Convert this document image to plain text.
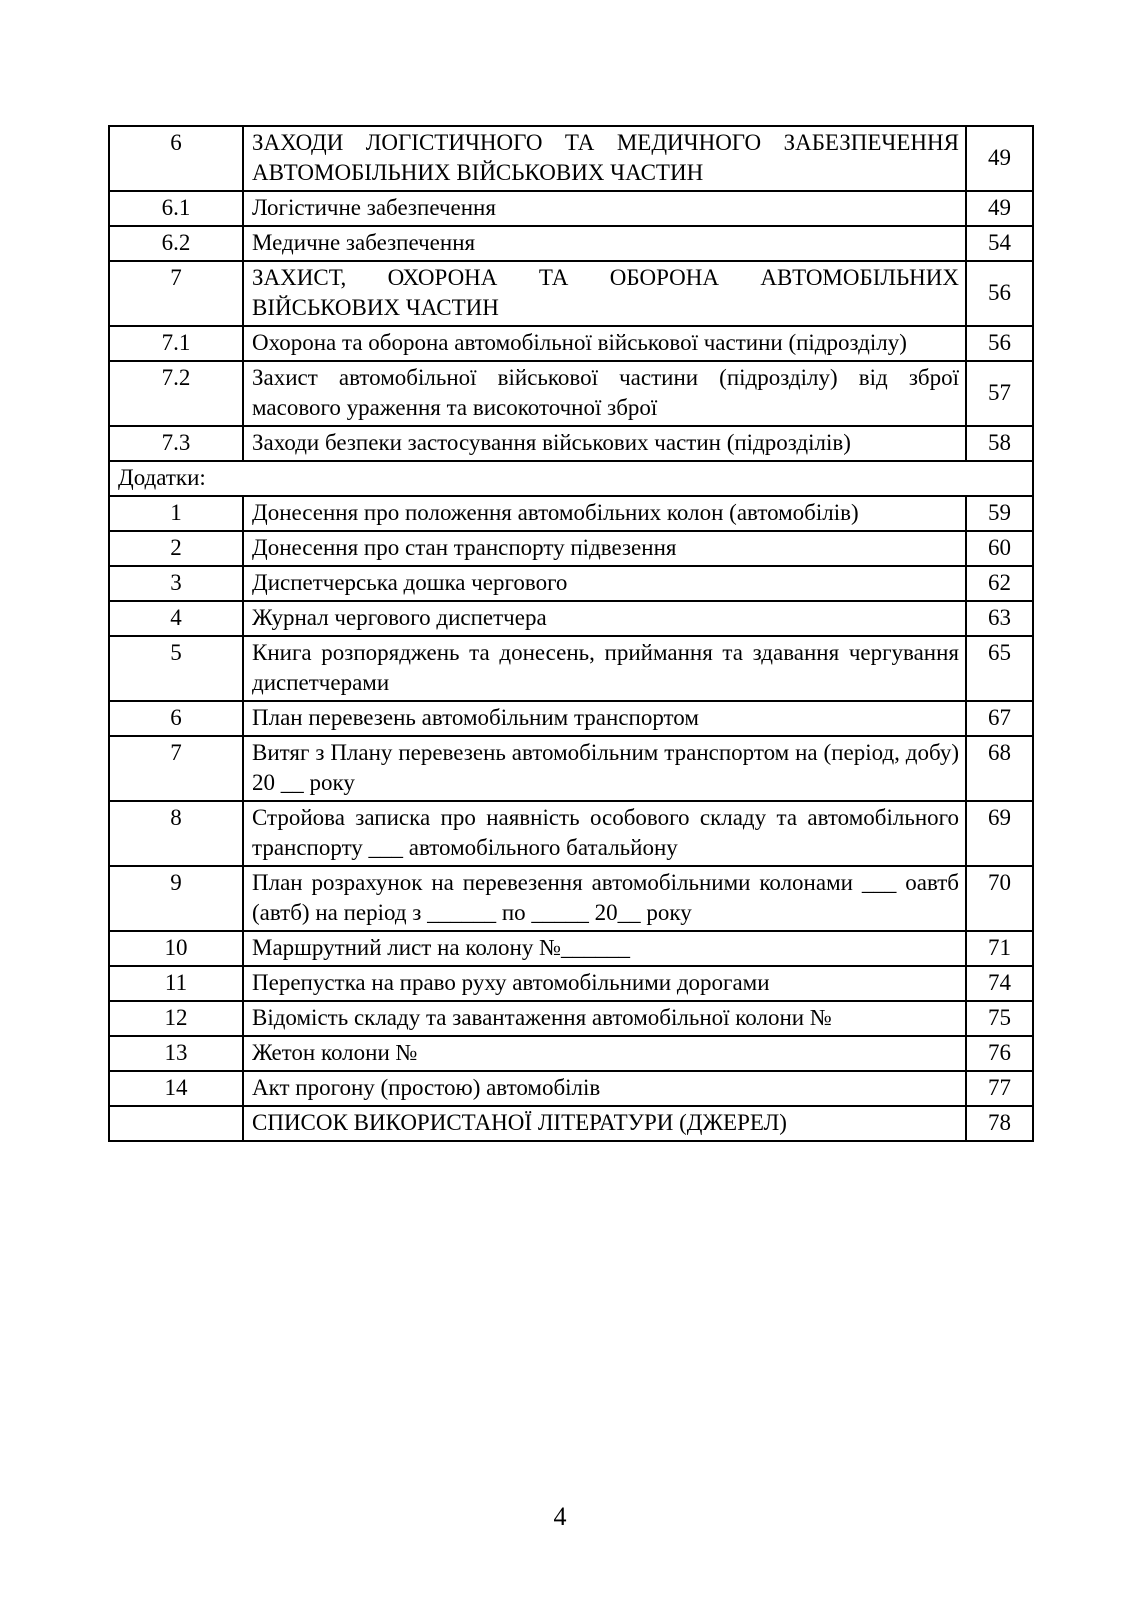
6	ЗАХОДИ ЛОГІСТИЧНОГО ТА МЕДИЧНОГО ЗАБЕЗПЕЧЕННЯ АВТОМОБІЛЬНИХ ВІЙСЬКОВИХ ЧАСТИН	49
6.1	Логістичне забезпечення	49
6.2	Медичне забезпечення	54
7	ЗАХИСТ, ОХОРОНА ТА ОБОРОНА АВТОМОБІЛЬНИХ ВІЙСЬКОВИХ ЧАСТИН	56
7.1	Охорона та оборона автомобільної військової частини (підрозділу)	56
7.2	Захист автомобільної військової частини (підрозділу) від зброї масового ураження та високоточної зброї	57
7.3	Заходи безпеки застосування військових частин (підрозділів)	58
Додатки:		
1	Донесення про положення автомобільних колон (автомобілів)	59
2	Донесення про стан транспорту підвезення	60
3	Диспетчерська дошка чергового	62
4	Журнал чергового диспетчера	63
5	Книга розпоряджень та донесень, приймання та здавання чергування диспетчерами	65
6	План перевезень автомобільним транспортом	67
7	Витяг з Плану перевезень автомобільним транспортом на (період, добу) 20 __ року	68
8	Стройова записка про наявність особового складу та автомобільного транспорту ___ автомобільного батальйону	69
9	План розрахунок на перевезення автомобільними колонами ___ оавтб (автб) на період з ______ по _____ 20__ року	70
10	Маршрутний лист на колону №______	71
11	Перепустка на право руху автомобільними дорогами	74
12	Відомість складу та завантаження автомобільної колони №	75
13	Жетон колони №	76
14	Акт прогону (простою) автомобілів	77
	СПИСОК ВИКОРИСТАНОЇ ЛІТЕРАТУРИ (ДЖЕРЕЛ)	78
4
